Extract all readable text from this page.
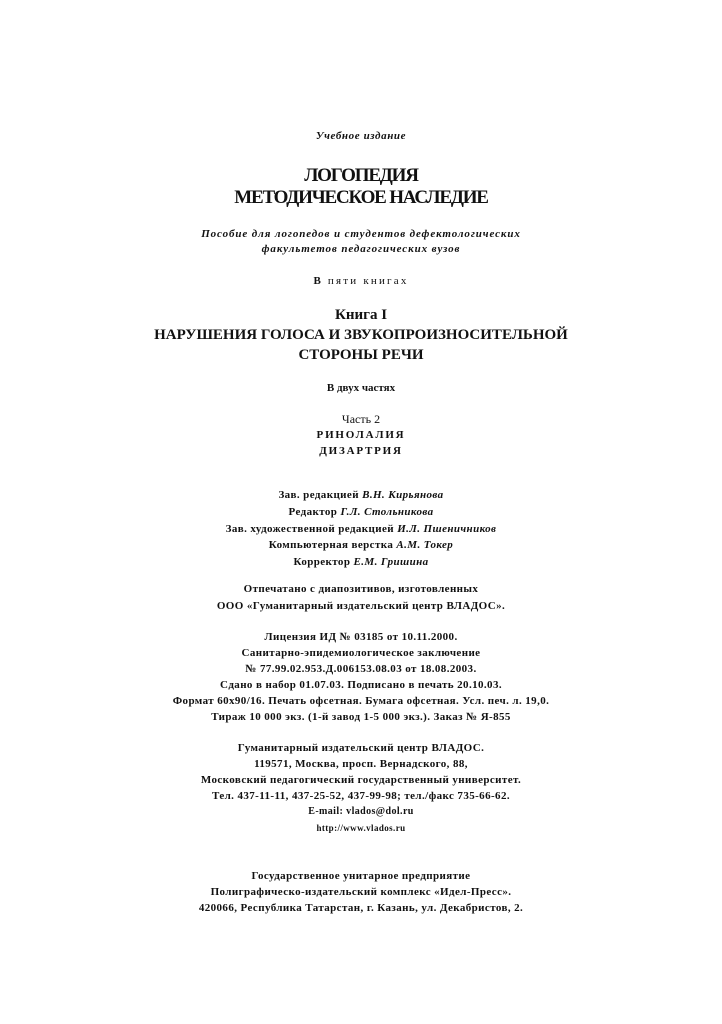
Учебное издание
ЛОГОПЕДИЯ
МЕТОДИЧЕСКОЕ НАСЛЕДИЕ
Пособие для логопедов и студентов дефектологических
факультетов педагогических вузов
В пяти книгах
Книга I
НАРУШЕНИЯ ГОЛОСА И ЗВУКОПРОИЗНОСИТЕЛЬНОЙ
СТОРОНЫ РЕЧИ
В двух частях
Часть 2
РИНОЛАЛИЯ
ДИЗАРТРИЯ
Зав. редакцией В.Н. Кирьянова
Редактор Г.Л. Стольникова
Зав. художественной редакцией И.Л. Пшеничников
Компьютерная верстка А.М. Токер
Корректор Е.М. Гришина
Отпечатано с диапозитивов, изготовленных
ООО «Гуманитарный издательский центр ВЛАДОС».
Лицензия ИД № 03185 от 10.11.2000.
Санитарно-эпидемиологическое заключение
№ 77.99.02.953.Д.006153.08.03 от 18.08.2003.
Сдано в набор 01.07.03. Подписано в печать 20.10.03.
Формат 60x90/16. Печать офсетная. Бумага офсетная. Усл. печ. л. 19,0.
Тираж 10 000 экз. (1-й завод 1-5 000 экз.). Заказ № Я-855
Гуманитарный издательский центр ВЛАДОС.
119571, Москва, просп. Вернадского, 88,
Московский педагогический государственный университет.
Тел. 437-11-11, 437-25-52, 437-99-98; тел./факс 735-66-62.
E-mail: vlados@dol.ru
http://www.vlados.ru
Государственное унитарное предприятие
Полиграфическо-издательский комплекс «Идел-Пресс».
420066, Республика Татарстан, г. Казань, ул. Декабристов, 2.
